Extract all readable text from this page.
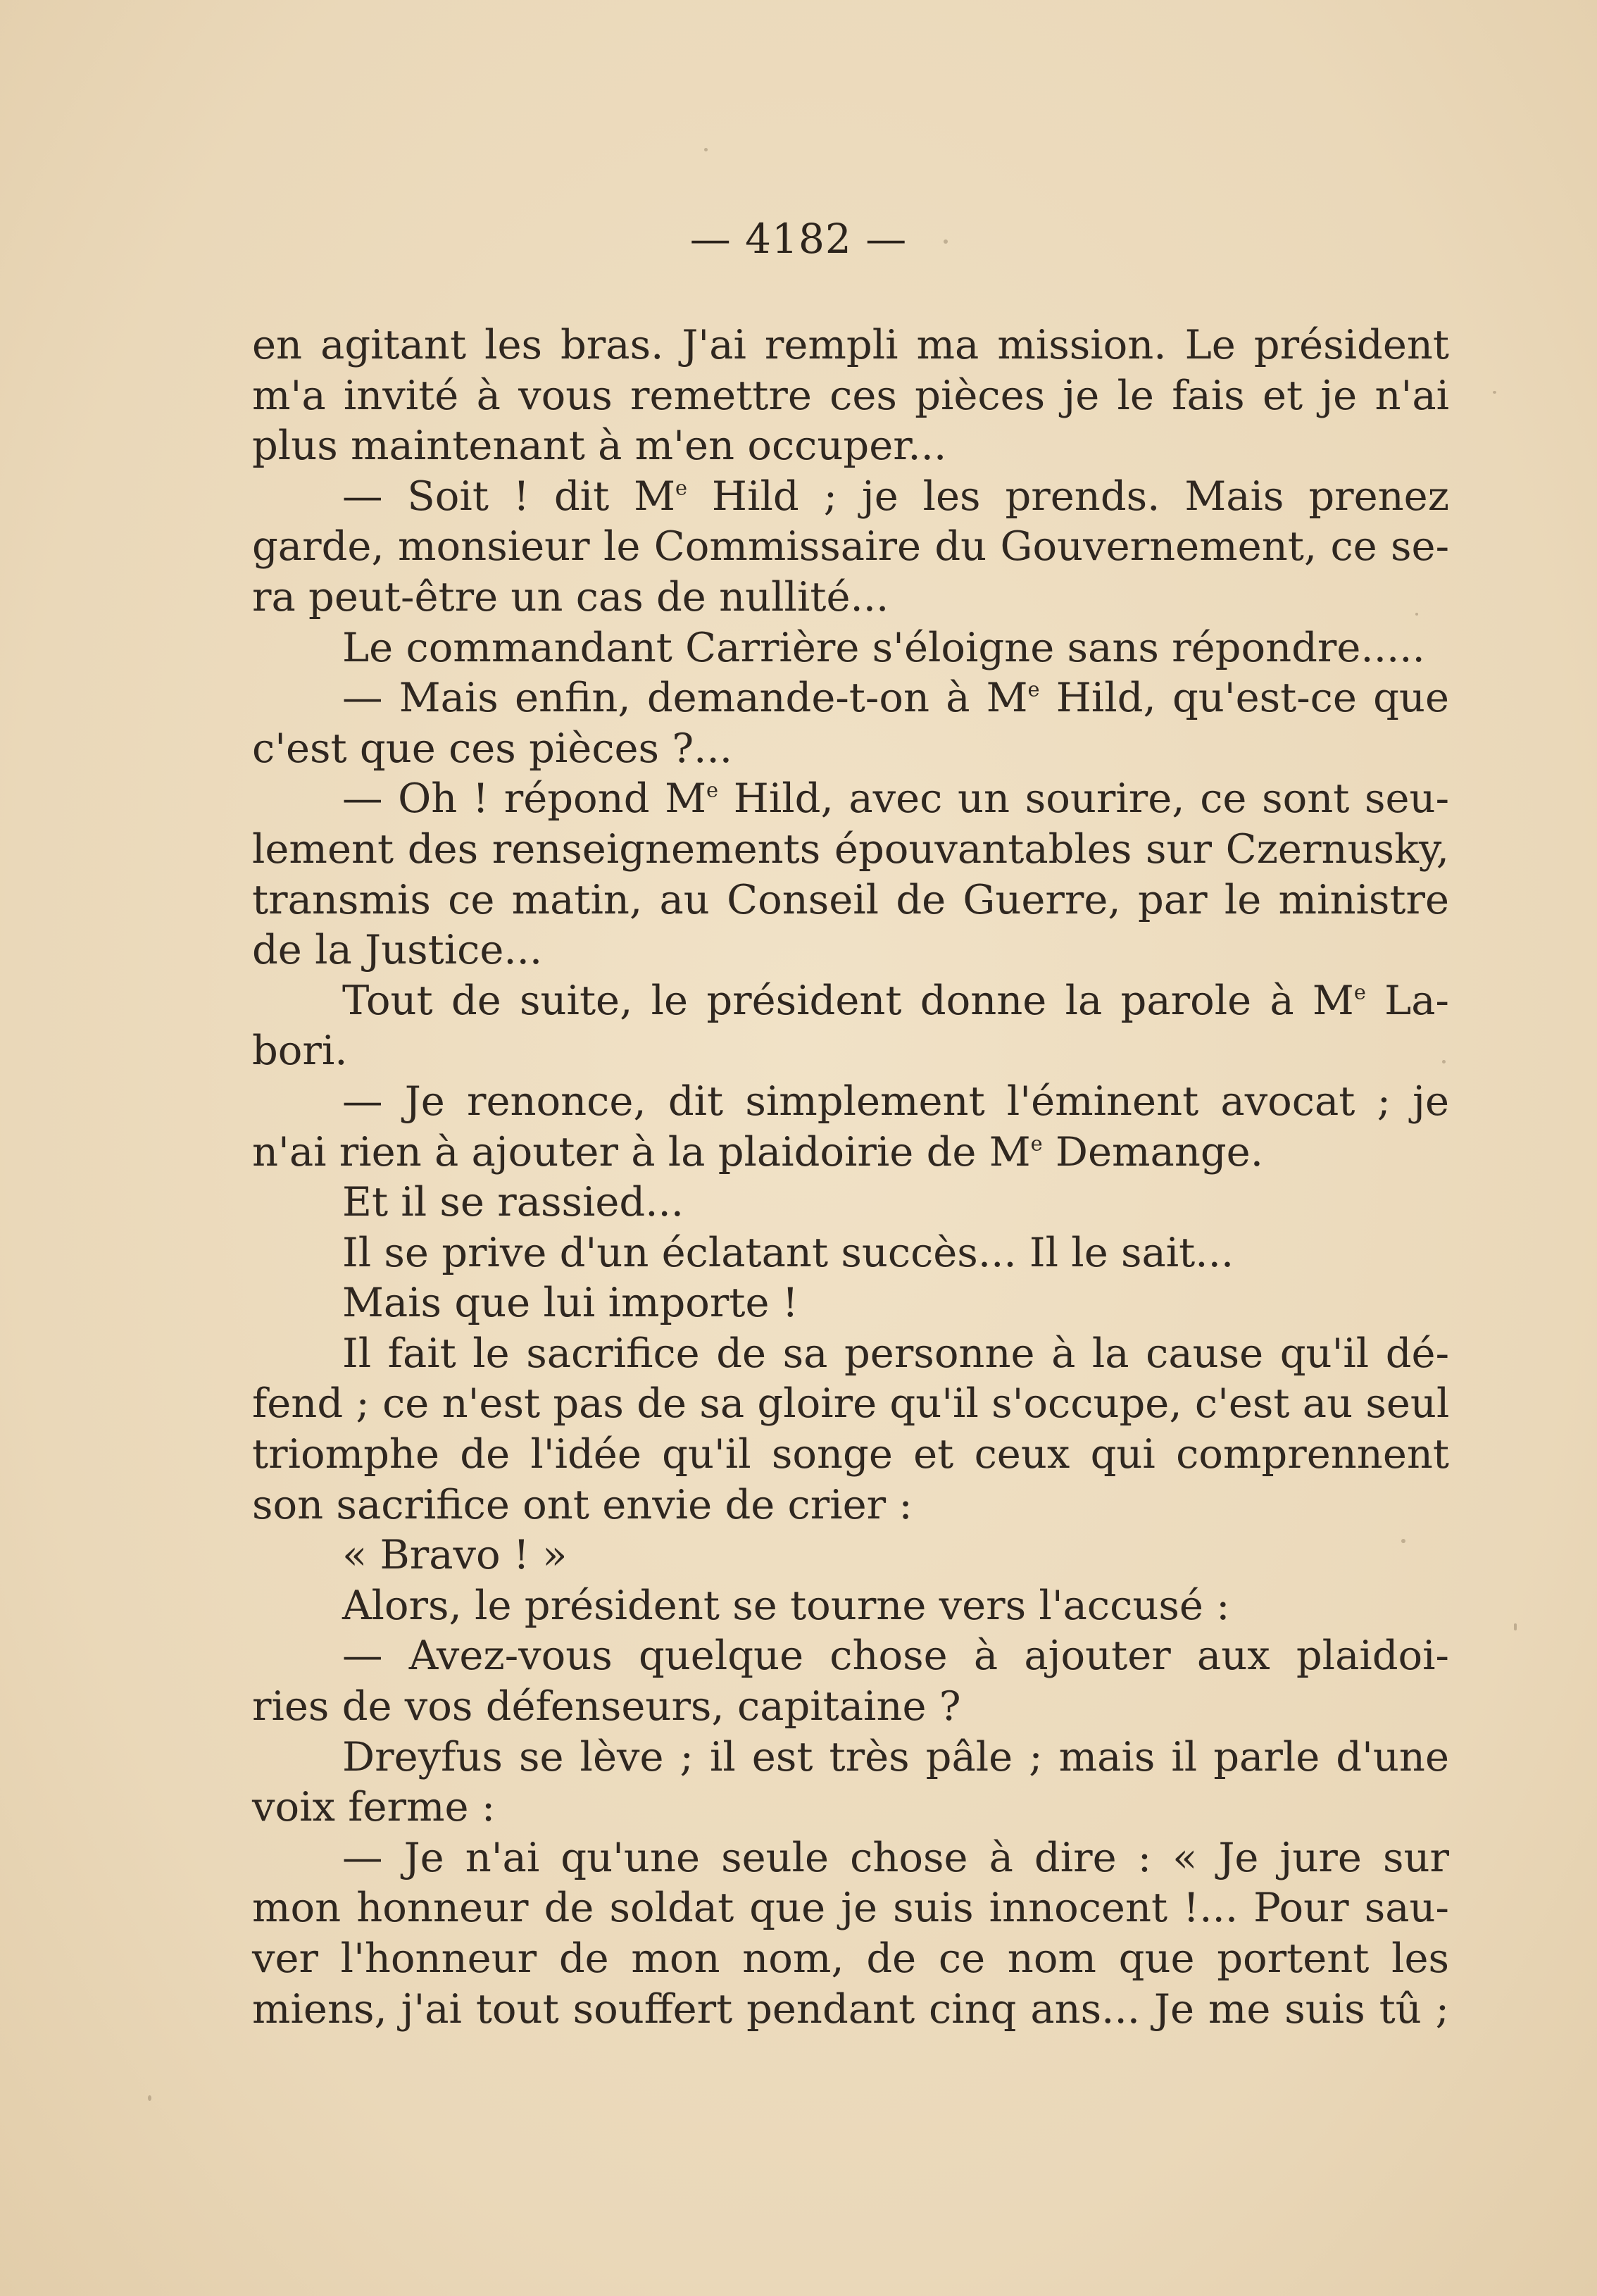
— 4182 —
en agitant les bras. J'ai rempli ma mission. Le président
m'a invité à vous remettre ces pièces je le fais et je n'ai
plus maintenant à m'en occuper...
— Soit ! dit Me Hild ; je les prends. Mais prenez
garde, monsieur le Commissaire du Gouvernement, ce se-
ra peut-être un cas de nullité...
Le commandant Carrière s'éloigne sans répondre.....
— Mais enfin, demande-t-on à Me Hild, qu'est-ce que
c'est que ces pièces ?...
— Oh ! répond Me Hild, avec un sourire, ce sont seu-
lement des renseignements épouvantables sur Czernusky,
transmis ce matin, au Conseil de Guerre, par le ministre
de la Justice...
Tout de suite, le président donne la parole à Me La-
bori.
— Je renonce, dit simplement l'éminent avocat ; je
n'ai rien à ajouter à la plaidoirie de Me Demange.
Et il se rassied...
Il se prive d'un éclatant succès... Il le sait...
Mais que lui importe !
Il fait le sacrifice de sa personne à la cause qu'il dé-
fend ; ce n'est pas de sa gloire qu'il s'occupe, c'est au seul
triomphe de l'idée qu'il songe et ceux qui comprennent
son sacrifice ont envie de crier :
« Bravo ! »
Alors, le président se tourne vers l'accusé :
— Avez-vous quelque chose à ajouter aux plaidoi-
ries de vos défenseurs, capitaine ?
Dreyfus se lève ; il est très pâle ; mais il parle d'une
voix ferme :
— Je n'ai qu'une seule chose à dire : « Je jure sur
mon honneur de soldat que je suis innocent !... Pour sau-
ver l'honneur de mon nom, de ce nom que portent les
miens, j'ai tout souffert pendant cinq ans... Je me suis tû ;
